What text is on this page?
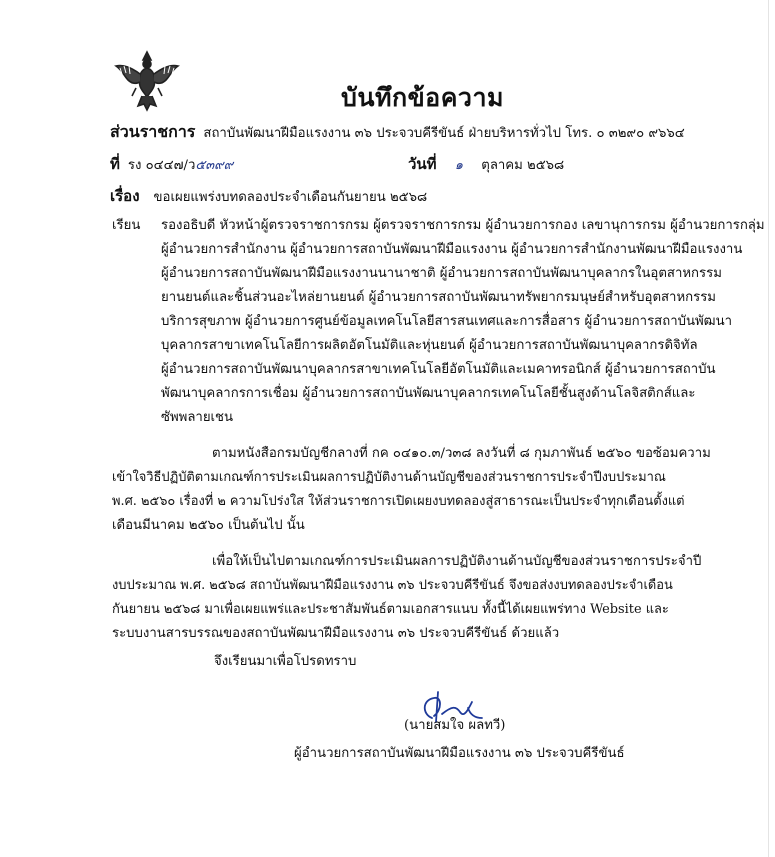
บันทึกข้อความ
ส่วนราชการ สถาบันพัฒนาฝีมือแรงงาน ๓๖ ประจวบคีรีขันธ์ ฝ่ายบริหารทั่วไป โทร. ๐ ๓๒๙๐ ๙๖๖๔
ที่ รง ๐๔๔๗/ว๕๓๙๙	วันที่ ๑ ตุลาคม ๒๕๖๘
เรื่อง ขอเผยแพร่งบทดลองประจำเดือนกันยายน ๒๕๖๘
เรียน รองอธิบดี หัวหน้าผู้ตรวจราชการกรม ผู้ตรวจราชการกรม ผู้อำนวยการกอง เลขานุการกรม ผู้อำนวยการกลุ่ม
ผู้อำนวยการสำนักงาน ผู้อำนวยการสถาบันพัฒนาฝีมือแรงงาน ผู้อำนวยการสำนักงานพัฒนาฝีมือแรงงาน
ผู้อำนวยการสถาบันพัฒนาฝีมือแรงงานนานาชาติ ผู้อำนวยการสถาบันพัฒนาบุคลากรในอุตสาหกรรม
ยานยนต์และชิ้นส่วนอะไหล่ยานยนต์ ผู้อำนวยการสถาบันพัฒนาทรัพยากรมนุษย์สำหรับอุตสาหกรรม
บริการสุขภาพ ผู้อำนวยการศูนย์ข้อมูลเทคโนโลยีสารสนเทศและการสื่อสาร ผู้อำนวยการสถาบันพัฒนา
บุคลากรสาขาเทคโนโลยีการผลิตอัตโนมัติและหุ่นยนต์ ผู้อำนวยการสถาบันพัฒนาบุคลากรดิจิทัล
ผู้อำนวยการสถาบันพัฒนาบุคลากรสาขาเทคโนโลยีอัตโนมัติและเมคาทรอนิกส์ ผู้อำนวยการสถาบัน
พัฒนาบุคลากรการเชื่อม ผู้อำนวยการสถาบันพัฒนาบุคลากรเทคโนโลยีชั้นสูงด้านโลจิสติกส์และ
ซัพพลายเชน
ตามหนังสือกรมบัญชีกลางที่ กค ๐๔๑๐.๓/ว๓๘ ลงวันที่ ๘ กุมภาพันธ์ ๒๕๖๐ ขอซ้อมความ
เข้าใจวิธีปฏิบัติตามเกณฑ์การประเมินผลการปฏิบัติงานด้านบัญชีของส่วนราชการประจำปีงบประมาณ
พ.ศ. ๒๕๖๐ เรื่องที่ ๒ ความโปร่งใส ให้ส่วนราชการเปิดเผยงบทดลองสู่สาธารณะเป็นประจำทุกเดือนตั้งแต่
เดือนมีนาคม ๒๕๖๐ เป็นต้นไป นั้น
เพื่อให้เป็นไปตามเกณฑ์การประเมินผลการปฏิบัติงานด้านบัญชีของส่วนราชการประจำปี
งบประมาณ พ.ศ. ๒๕๖๘ สถาบันพัฒนาฝีมือแรงงาน ๓๖ ประจวบคีรีขันธ์ จึงขอส่งงบทดลองประจำเดือน
กันยายน ๒๕๖๘ มาเพื่อเผยแพร่และประชาสัมพันธ์ตามเอกสารแนบ ทั้งนี้ได้เผยแพร่ทาง Website และ
ระบบงานสารบรรณของสถาบันพัฒนาฝีมือแรงงาน ๓๖ ประจวบคีรีขันธ์ ด้วยแล้ว
จึงเรียนมาเพื่อโปรดทราบ
(นายสมใจ ผลทวี)
ผู้อำนวยการสถาบันพัฒนาฝีมือแรงงาน ๓๖ ประจวบคีรีขันธ์
